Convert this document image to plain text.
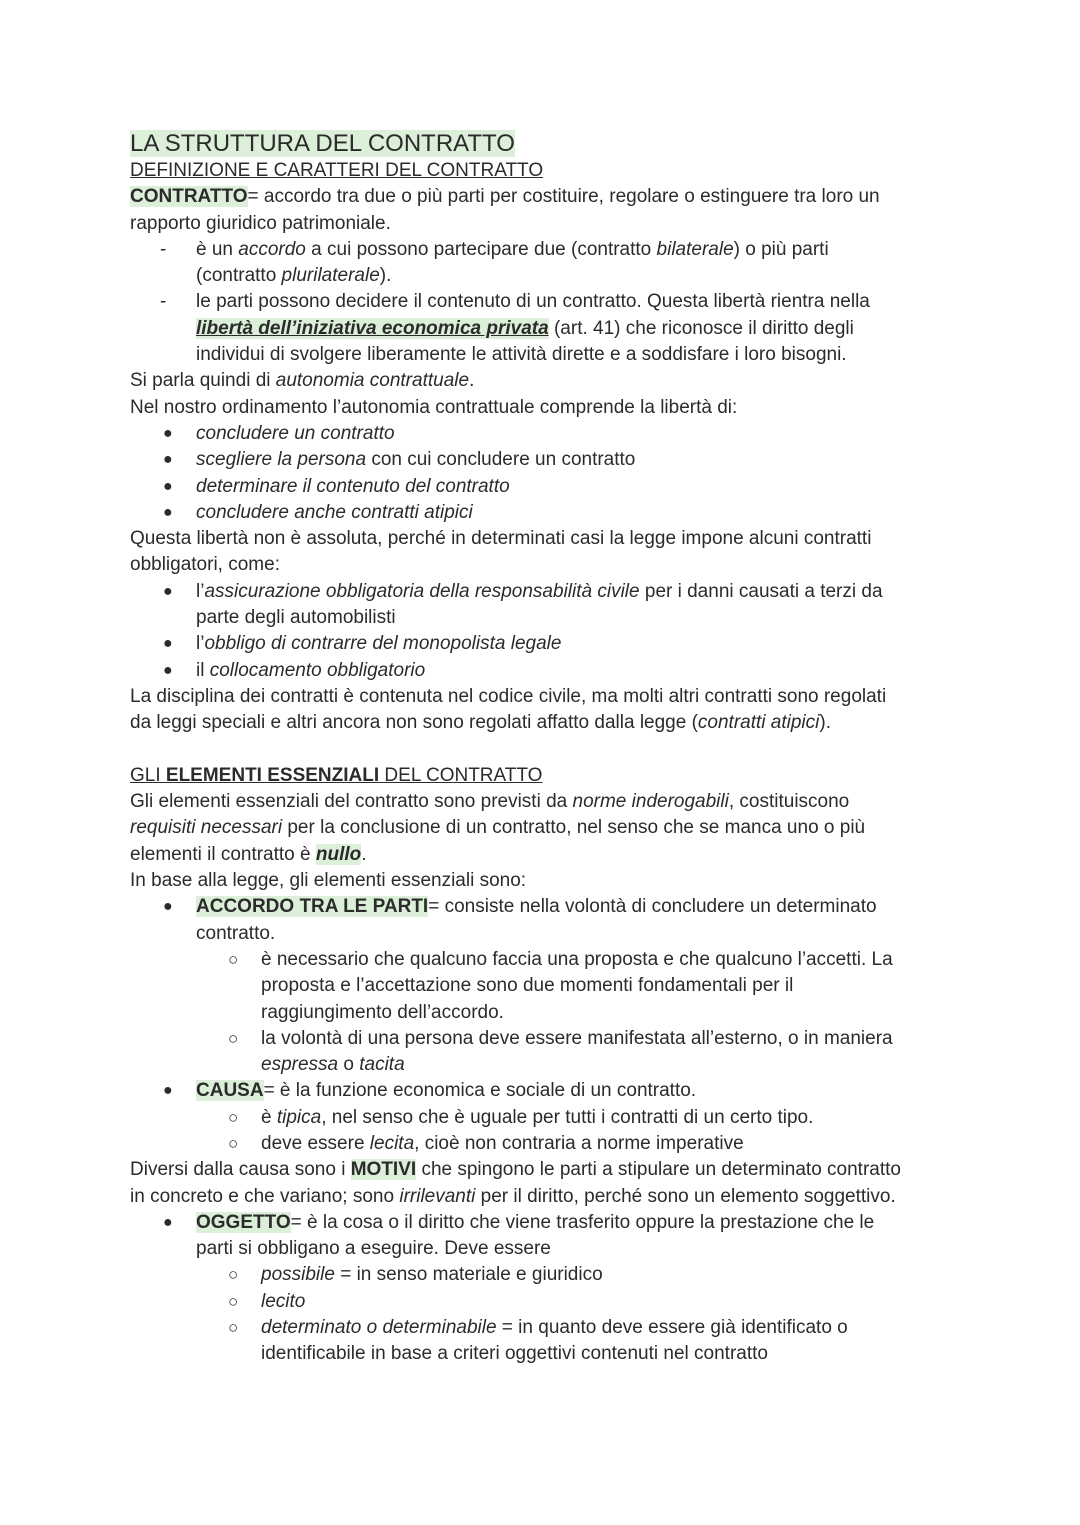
LA STRUTTURA DEL CONTRATTO
DEFINIZIONE E CARATTERI DEL CONTRATTO
CONTRATTO= accordo tra due o più parti per costituire, regolare o estinguere tra loro un
rapporto giuridico patrimoniale.
- è un accordo a cui possono partecipare due (contratto bilaterale) o più parti
(contratto plurilaterale).
- le parti possono decidere il contenuto di un contratto. Questa libertà rientra nella
libertà dell’iniziativa economica privata (art. 41) che riconosce il diritto degli
individui di svolgere liberamente le attività dirette e a soddisfare i loro bisogni.
Si parla quindi di autonomia contrattuale.
Nel nostro ordinamento l’autonomia contrattuale comprende la libertà di:
● concludere un contratto
● scegliere la persona con cui concludere un contratto
● determinare il contenuto del contratto
● concludere anche contratti atipici
Questa libertà non è assoluta, perché in determinati casi la legge impone alcuni contratti
obbligatori, come:
● l’assicurazione obbligatoria della responsabilità civile per i danni causati a terzi da
parte degli automobilisti
● l’obbligo di contrarre del monopolista legale
● il collocamento obbligatorio
La disciplina dei contratti è contenuta nel codice civile, ma molti altri contratti sono regolati
da leggi speciali e altri ancora non sono regolati affatto dalla legge (contratti atipici).
GLI ELEMENTI ESSENZIALI DEL CONTRATTO
Gli elementi essenziali del contratto sono previsti da norme inderogabili, costituiscono
requisiti necessari per la conclusione di un contratto, nel senso che se manca uno o più
elementi il contratto è nullo.
In base alla legge, gli elementi essenziali sono:
● ACCORDO TRA LE PARTI= consiste nella volontà di concludere un determinato
contratto.
○ è necessario che qualcuno faccia una proposta e che qualcuno l’accetti. La
proposta e l’accettazione sono due momenti fondamentali per il
raggiungimento dell’accordo.
○ la volontà di una persona deve essere manifestata all’esterno, o in maniera
espressa o tacita
● CAUSA= è la funzione economica e sociale di un contratto.
○ è tipica, nel senso che è uguale per tutti i contratti di un certo tipo.
○ deve essere lecita, cioè non contraria a norme imperative
Diversi dalla causa sono i MOTIVI che spingono le parti a stipulare un determinato contratto
in concreto e che variano; sono irrilevanti per il diritto, perché sono un elemento soggettivo.
● OGGETTO= è la cosa o il diritto che viene trasferito oppure la prestazione che le
parti si obbligano a eseguire. Deve essere
○ possibile = in senso materiale e giuridico
○ lecito
○ determinato o determinabile = in quanto deve essere già identificato o
identificabile in base a criteri oggettivi contenuti nel contratto
